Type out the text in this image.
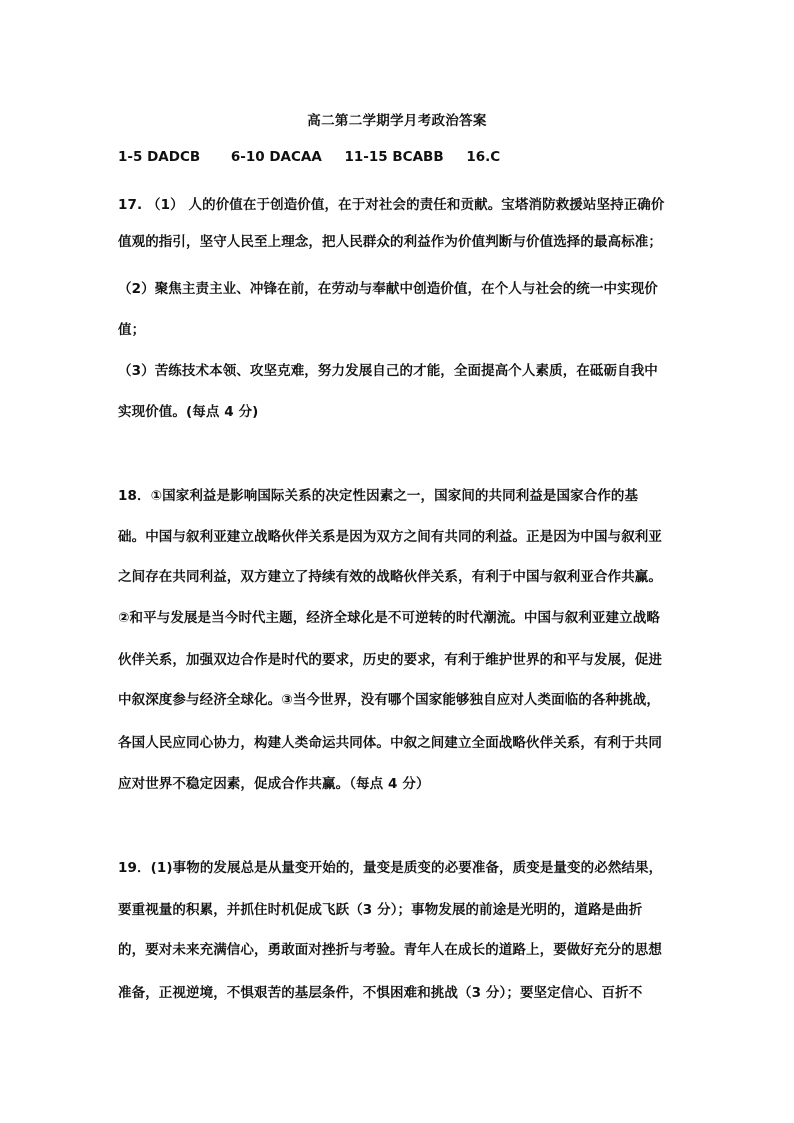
高二第二学期学月考政治答案
1-5 DADCB 6-10 DACAA 11-15 BCABB 16.C
17. （1） 人的价值在于创造价值，在于对社会的责任和贡献。宝塔消防救援站坚持正确价
值观的指引，坚守人民至上理念，把人民群众的利益作为价值判断与价值选择的最高标准；
（2）聚焦主责主业、冲锋在前，在劳动与奉献中创造价值，在个人与社会的统一中实现价
值；
（3）苦练技术本领、攻坚克难，努力发展自己的才能，全面提高个人素质，在砥砺自我中
实现价值。(每点 4 分)
18．①国家利益是影响国际关系的决定性因素之一，国家间的共同利益是国家合作的基
础。中国与叙利亚建立战略伙伴关系是因为双方之间有共同的利益。正是因为中国与叙利亚
之间存在共同利益，双方建立了持续有效的战略伙伴关系，有利于中国与叙利亚合作共赢。
②和平与发展是当今时代主题，经济全球化是不可逆转的时代潮流。中国与叙利亚建立战略
伙伴关系，加强双边合作是时代的要求，历史的要求，有利于维护世界的和平与发展，促进
中叙深度参与经济全球化。③当今世界，没有哪个国家能够独自应对人类面临的各种挑战，
各国人民应同心协力，构建人类命运共同体。中叙之间建立全面战略伙伴关系，有利于共同
应对世界不稳定因素，促成合作共赢。（每点 4 分）
19．(1)事物的发展总是从量变开始的，量变是质变的必要准备，质变是量变的必然结果，
要重视量的积累，并抓住时机促成飞跃（3 分）；事物发展的前途是光明的，道路是曲折
的，要对未来充满信心，勇敢面对挫折与考验。青年人在成长的道路上，要做好充分的思想
准备，正视逆境，不惧艰苦的基层条件，不惧困难和挑战（3 分）；要坚定信心、百折不
